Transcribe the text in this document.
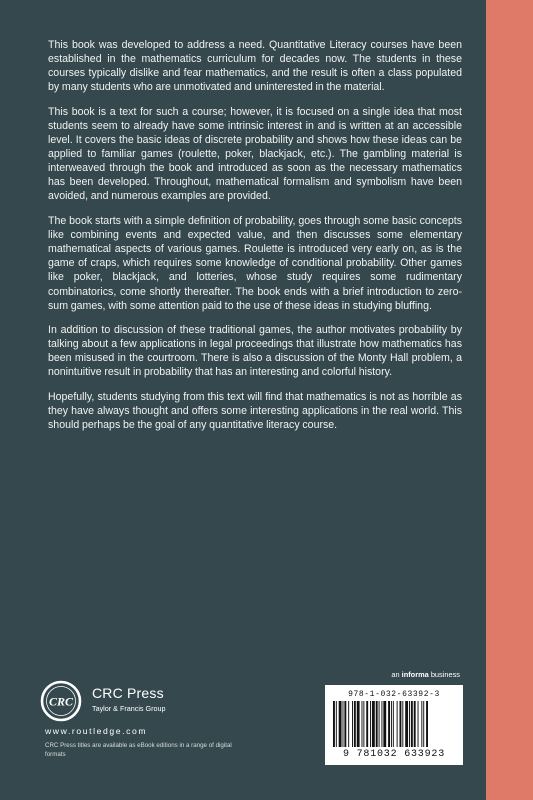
This book was developed to address a need. Quantitative Literacy courses have been established in the mathematics curriculum for decades now. The students in these courses typically dislike and fear mathematics, and the result is often a class populated by many students who are unmotivated and uninterested in the material.

This book is a text for such a course; however, it is focused on a single idea that most students seem to already have some intrinsic interest in and is written at an accessible level. It covers the basic ideas of discrete probability and shows how these ideas can be applied to familiar games (roulette, poker, blackjack, etc.). The gambling material is interweaved through the book and introduced as soon as the necessary mathematics has been developed. Throughout, mathematical formalism and symbolism have been avoided, and numerous examples are provided.

The book starts with a simple definition of probability, goes through some basic concepts like combining events and expected value, and then discusses some elementary mathematical aspects of various games. Roulette is introduced very early on, as is the game of craps, which requires some knowledge of conditional probability. Other games like poker, blackjack, and lotteries, whose study requires some rudimentary combinatorics, come shortly thereafter. The book ends with a brief introduction to zero-sum games, with some attention paid to the use of these ideas in studying bluffing.

In addition to discussion of these traditional games, the author motivates probability by talking about a few applications in legal proceedings that illustrate how mathematics has been misused in the courtroom. There is also a discussion of the Monty Hall problem, a nonintuitive result in probability that has an interesting and colorful history.

Hopefully, students studying from this text will find that mathematics is not as horrible as they have always thought and offers some interesting applications in the real world. This should perhaps be the goal of any quantitative literacy course.

CRC
CRC Press
Taylor & Francis Group
www.routledge.com
CRC Press titles are available as eBook editions in a range of digital formats
an informa business
978-1-032-63392-3
9 781032 633923
